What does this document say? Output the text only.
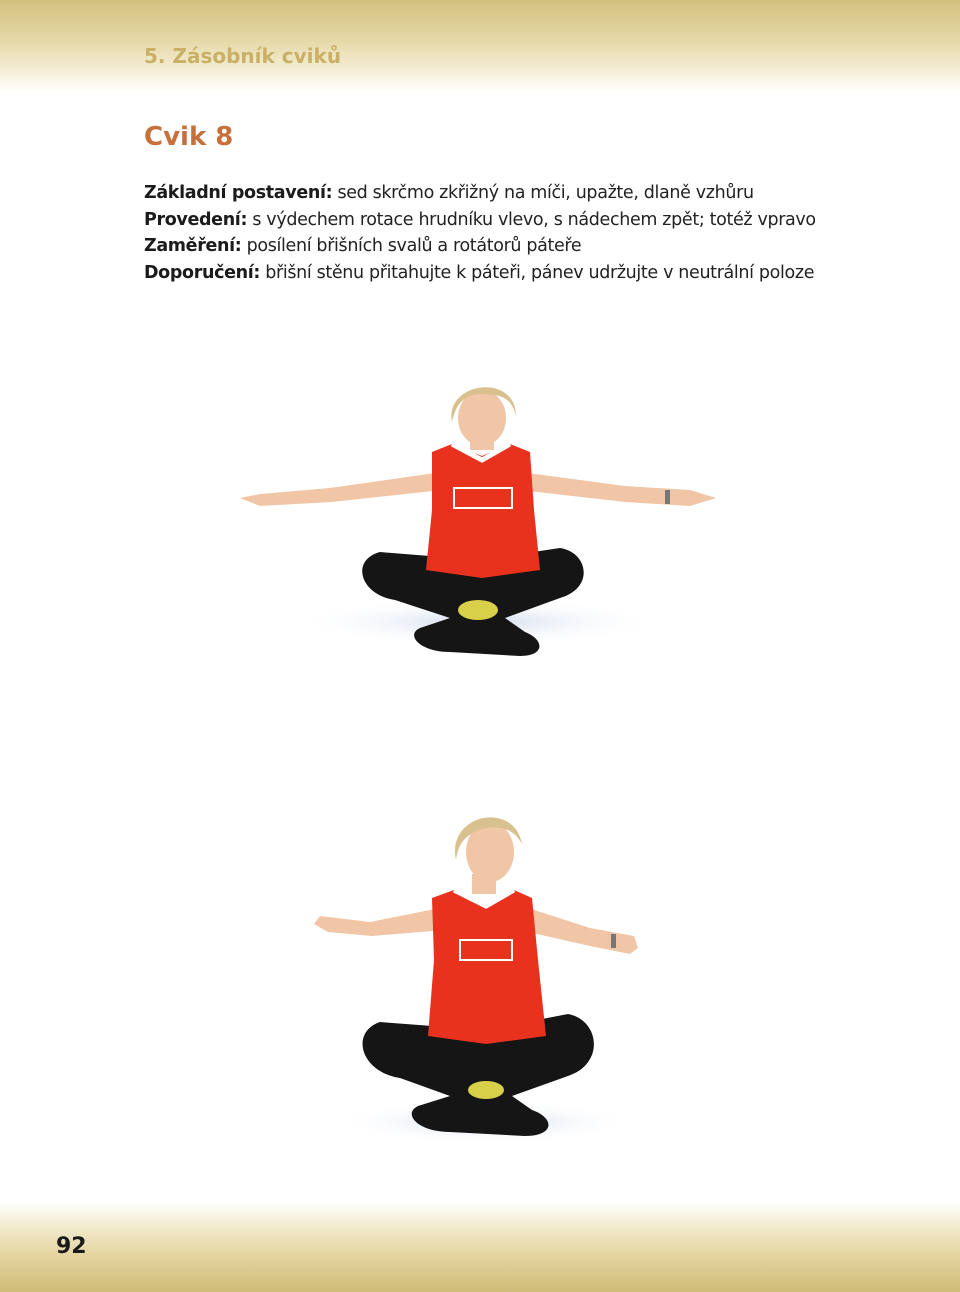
5. Zásobník cviků
Cvik 8
Základní postavení: sed skrčmo zkřižný na míči, upažte, dlaně vzhůru
Provedení: s výdechem rotace hrudníku vlevo, s nádechem zpět; totéž vpravo
Zaměření: posílení břišních svalů a rotátorů páteře
Doporučení: břišní stěnu přitahujte k páteři, pánev udržujte v neutrální poloze
92
